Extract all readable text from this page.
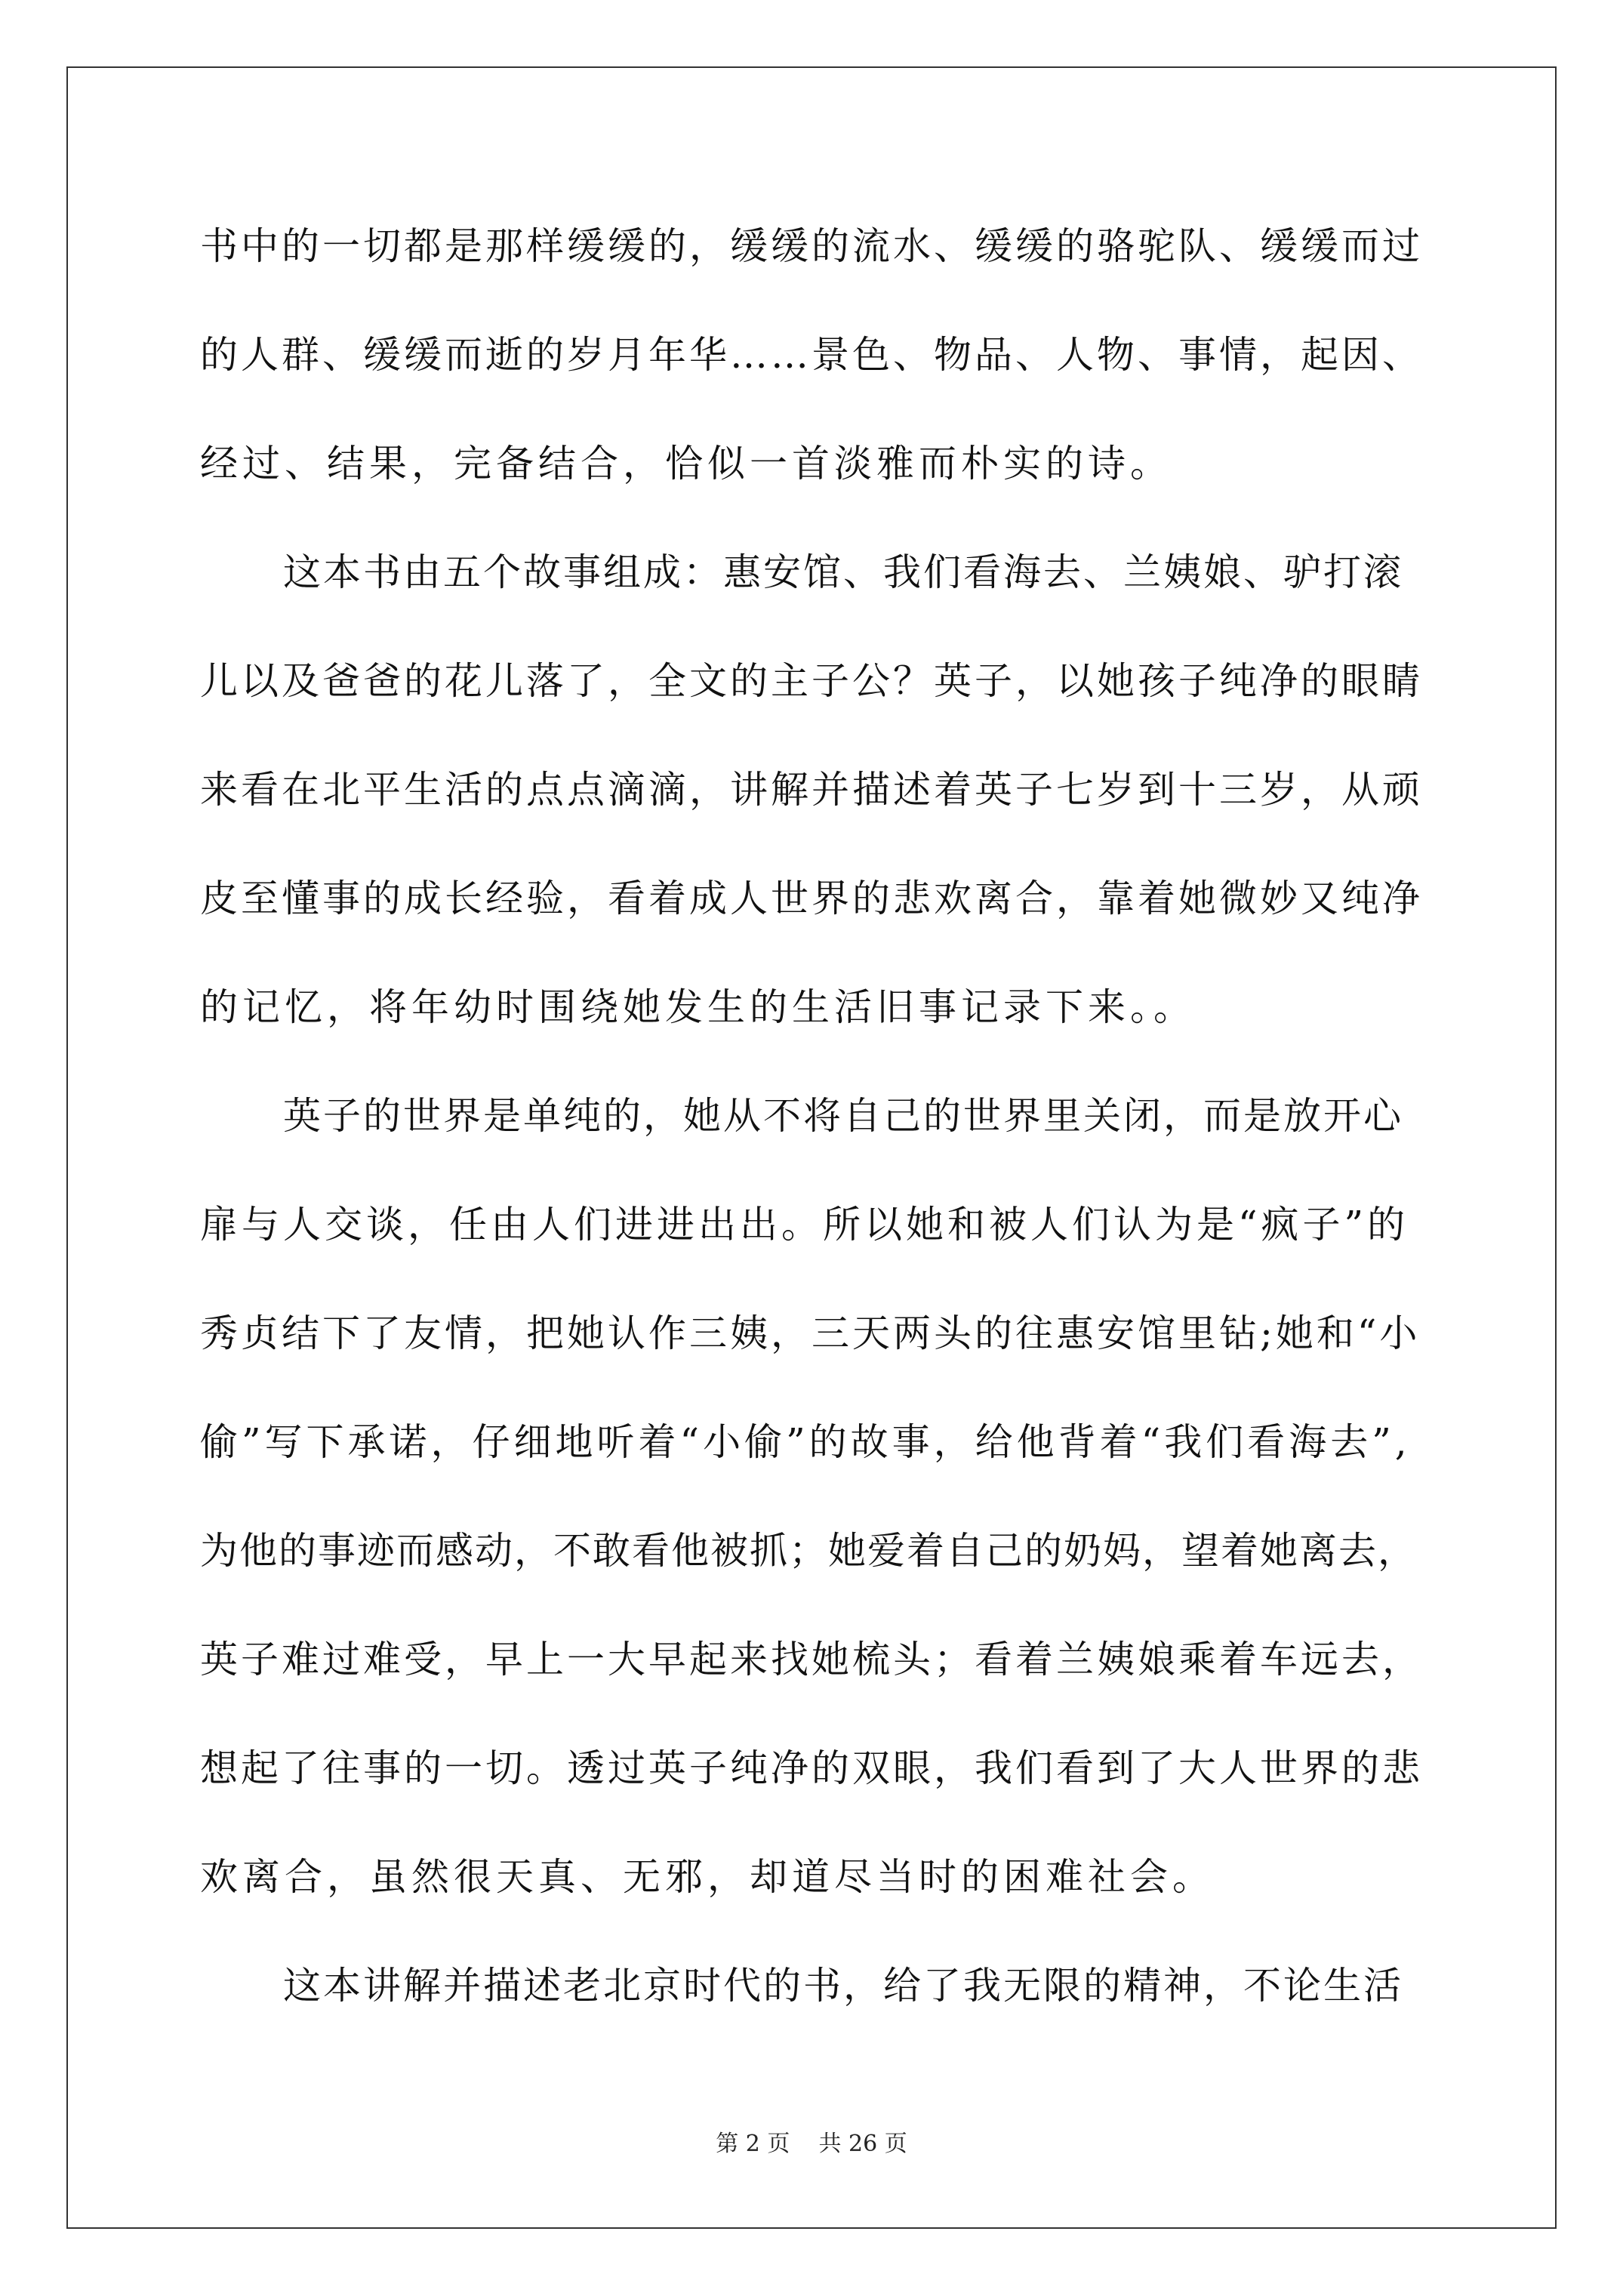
书中的一切都是那样缓缓的，缓缓的流水、缓缓的骆驼队、缓缓而过
的人群、缓缓而逝的岁月年华……景色、物品、人物、事情，起因、
经过、结果，完备结合，恰似一首淡雅而朴实的诗。
这本书由五个故事组成：惠安馆、我们看海去、兰姨娘、驴打滚
儿以及爸爸的花儿落了，全文的主子公？英子，以她孩子纯净的眼睛
来看在北平生活的点点滴滴，讲解并描述着英子七岁到十三岁，从顽
皮至懂事的成长经验，看着成人世界的悲欢离合，靠着她微妙又纯净
的记忆，将年幼时围绕她发生的生活旧事记录下来。。
英子的世界是单纯的，她从不将自己的世界里关闭，而是放开心
扉与人交谈，任由人们进进出出。所以她和被人们认为是“疯子”的
秀贞结下了友情，把她认作三姨，三天两头的往惠安馆里钻;她和“小
偷”写下承诺，仔细地听着“小偷”的故事，给他背着“我们看海去”,
为他的事迹而感动，不敢看他被抓；她爱着自己的奶妈，望着她离去，
英子难过难受，早上一大早起来找她梳头；看着兰姨娘乘着车远去，
想起了往事的一切。透过英子纯净的双眼，我们看到了大人世界的悲
欢离合，虽然很天真、无邪，却道尽当时的困难社会。
这本讲解并描述老北京时代的书，给了我无限的精神，不论生活
第 2 页    共 26 页
